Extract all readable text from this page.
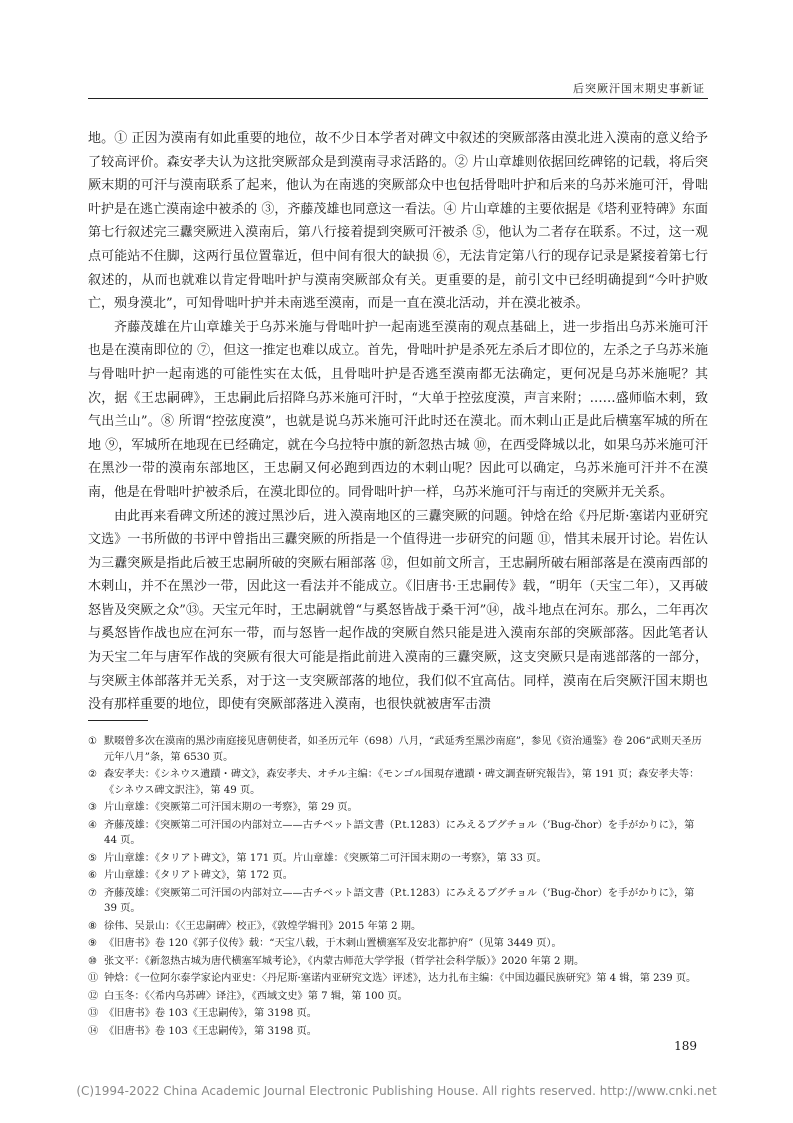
后突厥汗国末期史事新证

地。① 正因为漠南有如此重要的地位，故不少日本学者对碑文中叙述的突厥部落由漠北进入漠南的意义给予了较高评价。森安孝夫认为这批突厥部众是到漠南寻求活路的。② 片山章雄则依据回纥碑铭的记载，将后突厥末期的可汗与漠南联系了起来，他认为在南逃的突厥部众中也包括骨咄叶护和后来的乌苏米施可汗，骨咄叶护是在逃亡漠南途中被杀的 ③，齐藤茂雄也同意这一看法。④ 片山章雄的主要依据是《塔利亚特碑》东面第七行叙述完三纛突厥进入漠南后，第八行接着提到突厥可汗被杀 ⑤，他认为二者存在联系。不过，这一观点可能站不住脚，这两行虽位置靠近，但中间有很大的缺损 ⑥，无法肯定第八行的现存记录是紧接着第七行叙述的，从而也就难以肯定骨咄叶护与漠南突厥部众有关。更重要的是，前引文中已经明确提到“今叶护败亡，殒身漠北”，可知骨咄叶护并未南逃至漠南，而是一直在漠北活动，并在漠北被杀。

齐藤茂雄在片山章雄关于乌苏米施与骨咄叶护一起南逃至漠南的观点基础上，进一步指出乌苏米施可汗也是在漠南即位的 ⑦，但这一推定也难以成立。首先，骨咄叶护是杀死左杀后才即位的，左杀之子乌苏米施与骨咄叶护一起南逃的可能性实在太低，且骨咄叶护是否逃至漠南都无法确定，更何况是乌苏米施呢？其次，据《王忠嗣碑》，王忠嗣此后招降乌苏米施可汗时，“大单于控弦度漠，声言来附；……盛师临木剌，致气出兰山”。⑧ 所谓“控弦度漠”，也就是说乌苏米施可汗此时还在漠北。而木剌山正是此后横塞军城的所在地 ⑨，军城所在地现在已经确定，就在今乌拉特中旗的新忽热古城 ⑩，在西受降城以北，如果乌苏米施可汗在黑沙一带的漠南东部地区，王忠嗣又何必跑到西边的木剌山呢？因此可以确定，乌苏米施可汗并不在漠南，他是在骨咄叶护被杀后，在漠北即位的。同骨咄叶护一样，乌苏米施可汗与南迁的突厥并无关系。

由此再来看碑文所述的渡过黑沙后，进入漠南地区的三纛突厥的问题。钟焓在给《丹尼斯·塞诺内亚研究文选》一书所做的书评中曾指出三纛突厥的所指是一个值得进一步研究的问题 ⑪，惜其未展开讨论。岩佐认为三纛突厥是指此后被王忠嗣所破的突厥右厢部落 ⑫，但如前文所言，王忠嗣所破右厢部落是在漠南西部的木剌山，并不在黑沙一带，因此这一看法并不能成立。《旧唐书·王忠嗣传》载，“明年（天宝二年），又再破怒皆及突厥之众”⑬。天宝元年时，王忠嗣就曾“与奚怒皆战于桑干河”⑭，战斗地点在河东。那么，二年再次与奚怒皆作战也应在河东一带，而与怒皆一起作战的突厥自然只能是进入漠南东部的突厥部落。因此笔者认为天宝二年与唐军作战的突厥有很大可能是指此前进入漠南的三纛突厥，这支突厥只是南逃部落的一部分，与突厥主体部落并无关系，对于这一支突厥部落的地位，我们似不宜高估。同样，漠南在后突厥汗国末期也没有那样重要的地位，即使有突厥部落进入漠南，也很快就被唐军击溃

① 默啜曾多次在漠南的黑沙南庭接见唐朝使者，如圣历元年（698）八月，“武延秀至黑沙南庭”，参见《资治通鉴》卷 206“武则天圣历元年八月”条，第 6530 页。
② 森安孝夫：《シネウス遺蹟・碑文》，森安孝夫、オチル主编：《モンゴル国現存遺蹟・碑文調査研究報告》，第 191 页；森安孝夫等：《シネウス碑文訳注》，第 49 页。
③ 片山章雄：《突厥第二可汗国末期の一考察》，第 29 页。
④ 齐藤茂雄：《突厥第二可汗国の内部対立——古チベット語文書（P.t.1283）にみえるブグチョル（’Bug-čhor）を手がかりに》，第 44 页。
⑤ 片山章雄：《タリアト碑文》，第 171 页。片山章雄：《突厥第二可汗国末期の一考察》，第 33 页。
⑥ 片山章雄：《タリアト碑文》，第 172 页。
⑦ 齐藤茂雄：《突厥第二可汗国の内部対立——古チベット語文書（P.t.1283）にみえるブグチョル（’Bug-čhor）を手がかりに》，第 39 页。
⑧ 徐伟、吴景山：《〈王忠嗣碑〉校正》，《敦煌学辑刊》2015 年第 2 期。
⑨ 《旧唐书》卷 120《郭子仪传》载：“天宝八载，于木剌山置横塞军及安北都护府”（见第 3449 页）。
⑩ 张文平：《新忽热古城为唐代横塞军城考论》，《内蒙古师范大学学报（哲学社会科学版）》2020 年第 2 期。
⑪ 钟焓：《一位阿尔泰学家论内亚史：〈丹尼斯·塞诺内亚研究文选〉评述》，达力扎布主编：《中国边疆民族研究》第 4 辑，第 239 页。
⑫ 白玉冬：《〈希内乌苏碑〉译注》，《西域文史》第 7 辑，第 100 页。
⑬ 《旧唐书》卷 103《王忠嗣传》，第 3198 页。
⑭ 《旧唐书》卷 103《王忠嗣传》，第 3198 页。
189
(C)1994-2022 China Academic Journal Electronic Publishing House. All rights reserved. http://www.cnki.net
